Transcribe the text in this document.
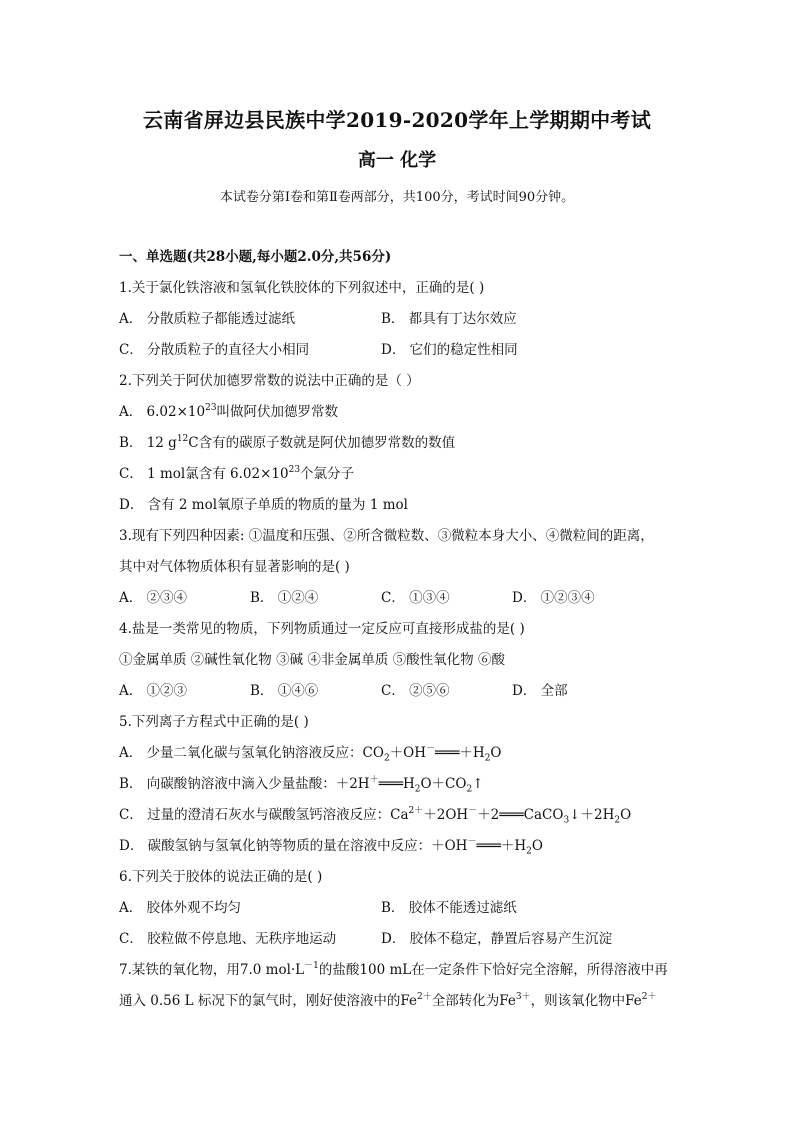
云南省屏边县民族中学2019-2020学年上学期期中考试
高一 化学
本试卷分第Ⅰ卷和第Ⅱ卷两部分，共100分，考试时间90分钟。
一、单选题(共28小题,每小题2.0分,共56分)
1.关于氯化铁溶液和氢氧化铁胶体的下列叙述中，正确的是( )
A． 分散质粒子都能透过滤纸	B． 都具有丁达尔效应
C． 分散质粒子的直径大小相同	D． 它们的稳定性相同
2.下列关于阿伏加德罗常数的说法中正确的是（ ）
A． $6.02\times 10^{23}$叫做阿伏加德罗常数
B． 12 $g^{12}C$含有的碳原子数就是阿伏加德罗常数的数值
C． 1 mol氯含有 $6.02\times 10^{23}$个氯分子
D． 含有 2 mol氧原子单质的物质的量为 1 mol
3.现有下列四种因素: ①温度和压强、②所含微粒数、③微粒本身大小、④微粒间的距离，
其中对气体物质体积有显著影响的是( )
A． ②③④	B． ①②④	C． ①③④	D． ①②③④
4.盐是一类常见的物质，下列物质通过一定反应可直接形成盐的是( )
①金属单质 ②碱性氧化物 ③碱 ④非金属单质 ⑤酸性氧化物 ⑥酸
A． ①②③	B． ①④⑥	C． ②⑤⑥	D． 全部
5.下列离子方程式中正确的是( )
A． 少量二氧化碳与氢氧化钠溶液反应：$CO_2+OH^-═══+H_2O$
B． 向碳酸钠溶液中滴入少量盐酸：$+2H^+═══H_2O+CO_2↑$
C． 过量的澄清石灰水与碳酸氢钙溶液反应：$Ca^{2+}+2OH^-+2═══CaCO_3↓+2H_2O$
D． 碳酸氢钠与氢氧化钠等物质的量在溶液中反应：$+OH^-═══+H_2O$
6.下列关于胶体的说法正确的是( )
A． 胶体外观不均匀	B． 胶体不能透过滤纸
C． 胶粒做不停息地、无秩序地运动	D． 胶体不稳定，静置后容易产生沉淀
7.某铁的氧化物，用7.0 $mol\cdot L^{-1}$的盐酸100 mL在一定条件下恰好完全溶解，所得溶液中再
通入 0.56 L 标况下的氯气时，刚好使溶液中的$Fe^{2+}$全部转化为$Fe^{3+}$，则该氧化物中$Fe^{2+}$
